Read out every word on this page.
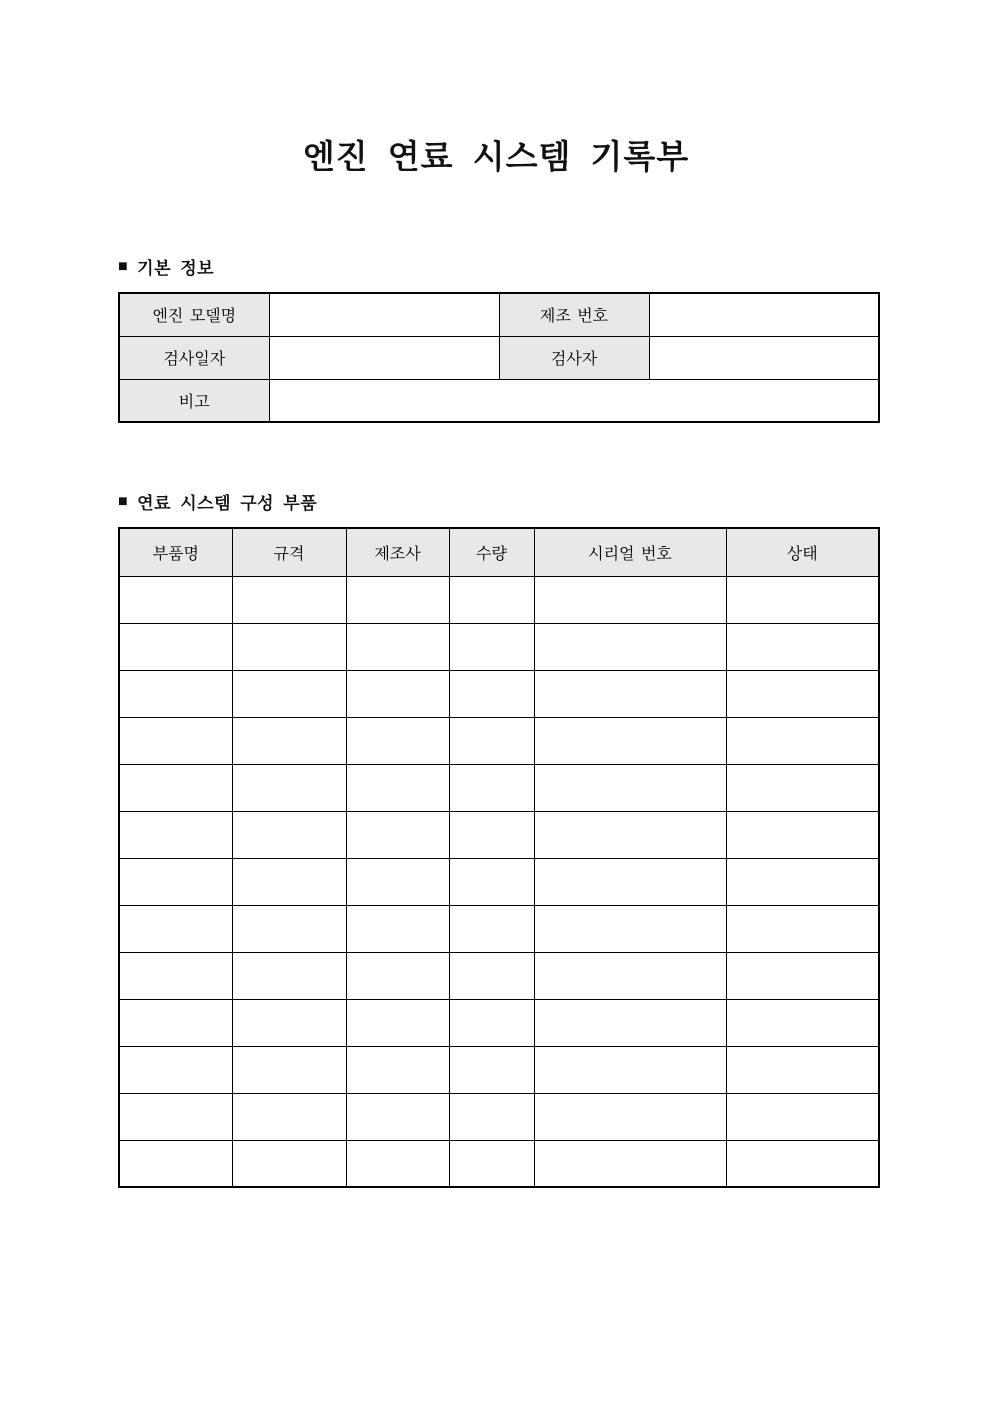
엔진 연료 시스템 기록부
■ 기본 정보
엔진 모델명		제조 번호	
검사일자		검사자	
비고			
■ 연료 시스템 구성 부품
부품명	규격	제조사	수량	시리얼 번호	상태
